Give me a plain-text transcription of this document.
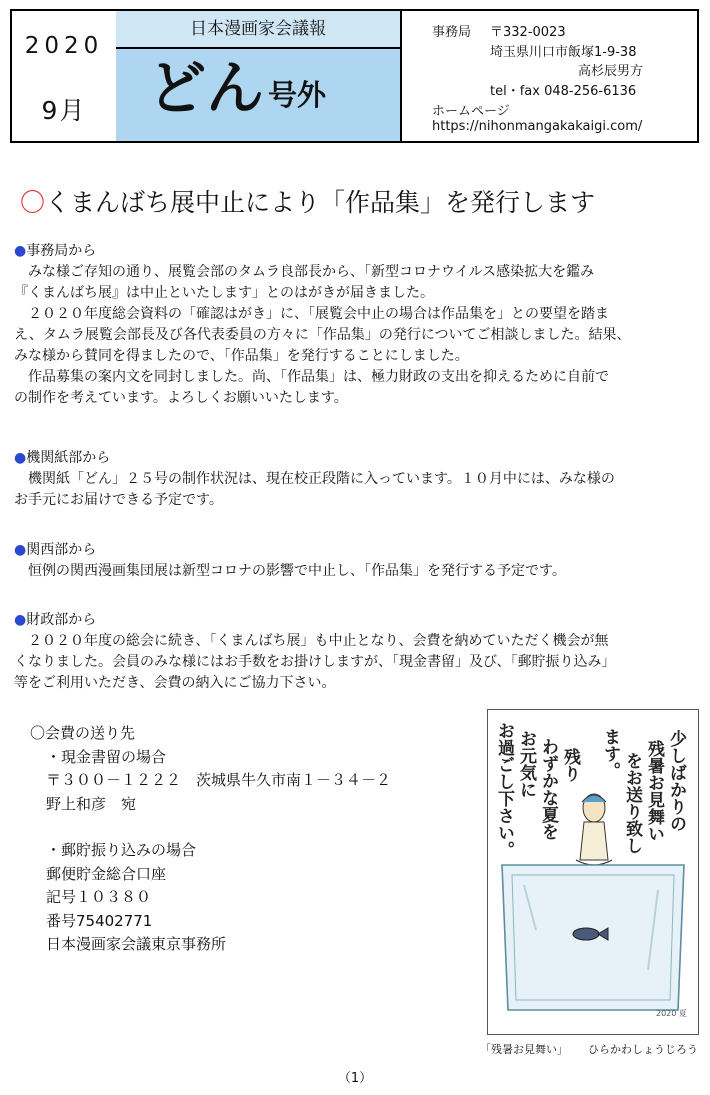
2020
9月
日本漫画家会議報
どん 号外
事務局 〒332-0023
埼玉県川口市飯塚1-9-38
高杉辰男方
tel・fax 048-256-6136
ホームページ
https://nihonmangakakaigi.com/
〇くまんばち展中止により「作品集」を発行します
●事務局から
みな様ご存知の通り、展覧会部のタムラ良部長から、「新型コロナウイルス感染拡大を鑑み
『くまんばち展』は中止といたします」とのはがきが届きました。
２０２０年度総会資料の「確認はがき」に、「展覧会中止の場合は作品集を」との要望を踏ま
え、タムラ展覧会部長及び各代表委員の方々に「作品集」の発行についてご相談しました。結果、
みな様から賛同を得ましたので、「作品集」を発行することにしました。
作品募集の案内文を同封しました。尚、「作品集」は、極力財政の支出を抑えるために自前で
の制作を考えています。よろしくお願いいたします。
●機関紙部から
機関紙「どん」２５号の制作状況は、現在校正段階に入っています。１０月中には、みな様の
お手元にお届けできる予定です。
●関西部から
恒例の関西漫画集団展は新型コロナの影響で中止し、「作品集」を発行する予定です。
●財政部から
２０２０年度の総会に続き、「くまんばち展」も中止となり、会費を納めていただく機会が無
くなりました。会員のみな様にはお手数をお掛けしますが、「現金書留」及び、「郵貯振り込み」
等をご利用いただき、会費の納入にご協力下さい。
〇会費の送り先
・現金書留の場合
〒３００－１２２２　茨城県牛久市南１－３４－２
野上和彦　宛
・郵貯振り込みの場合
郵便貯金総合口座
記号１０３８０
番号75402771
日本漫画家会議東京事務所
少しばかりの
残暑お見舞い
をお送り致し
ます。
残り
わずかな夏を
お元気に
お過ごし下さい。
2020 夏
「残暑お見舞い」 ひらかわしょうじろう
（1）
